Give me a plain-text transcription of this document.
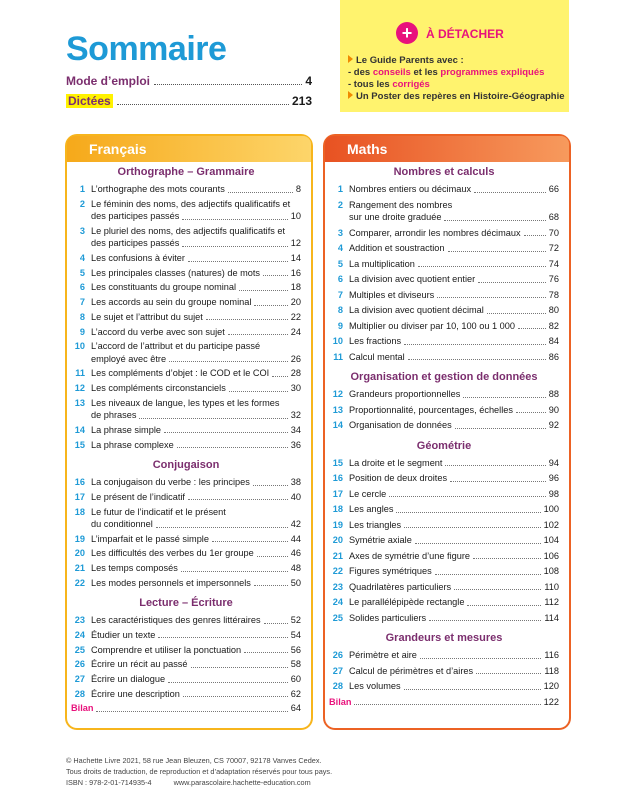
Sommaire
Mode d’emploi	4
Dictées	213
+	À DÉTACHER
Le Guide Parents avec :
- des conseils et les programmes expliqués
- tous les corrigés
Un Poster des repères en Histoire-Géographie
Français
Orthographe – Grammaire
1 L’orthographe des mots courants	8
2 Le féminin des noms, des adjectifs qualificatifs et
des participes passés	10
3 Le pluriel des noms, des adjectifs qualificatifs et
des participes passés	12
4 Les confusions à éviter	14
5 Les principales classes (natures) de mots	16
6 Les constituants du groupe nominal	18
7 Les accords au sein du groupe nominal	20
8 Le sujet et l’attribut du sujet	22
9 L’accord du verbe avec son sujet	24
10 L’accord de l’attribut et du participe passé
employé avec être	26
11 Les compléments d’objet : le COD et le COI 28
12 Les compléments circonstanciels	30
13 Les niveaux de langue, les types et les formes
de phrases	32
14 La phrase simple	34
15 La phrase complexe	36
Conjugaison
16 La conjugaison du verbe : les principes	38
17 Le présent de l’indicatif	40
18 Le futur de l’indicatif et le présent
du conditionnel	42
19 L’imparfait et le passé simple	44
20 Les difficultés des verbes du 1er groupe	46
21 Les temps composés	48
22 Les modes personnels et impersonnels	50
Lecture – Écriture
23 Les caractéristiques des genres littéraires	52
24 Étudier un texte	54
25 Comprendre et utiliser la ponctuation	56
26 Écrire un récit au passé	58
27 Écrire un dialogue	60
28 Écrire une description	62
Bilan	64
Maths
Nombres et calculs
1 Nombres entiers ou décimaux	66
2 Rangement des nombres
sur une droite graduée	68
3 Comparer, arrondir les nombres décimaux	70
4 Addition et soustraction	72
5 La multiplication	74
6 La division avec quotient entier	76
7 Multiples et diviseurs	78
8 La division avec quotient décimal	80
9 Multiplier ou diviser par 10, 100 ou 1 000	82
10 Les fractions	84
11 Calcul mental	86
Organisation et gestion de données
12 Grandeurs proportionnelles	88
13 Proportionnalité, pourcentages, échelles	90
14 Organisation de données	92
Géométrie
15 La droite et le segment	94
16 Position de deux droites	96
17 Le cercle	98
18 Les angles	100
19 Les triangles	102
20 Symétrie axiale	104
21 Axes de symétrie d’une figure	106
22 Figures symétriques	108
23 Quadrilatères particuliers	110
24 Le parallélépipède rectangle	112
25 Solides particuliers	114
Grandeurs et mesures
26 Périmètre et aire	116
27 Calcul de périmètres et d’aires	118
28 Les volumes	120
Bilan	122
© Hachette Livre 2021, 58 rue Jean Bleuzen, CS 70007, 92178 Vanves Cedex.
Tous droits de traduction, de reproduction et d’adaptation réservés pour tous pays.
ISBN : 978-2-01-714935-4	www.parascolaire.hachette-education.com
